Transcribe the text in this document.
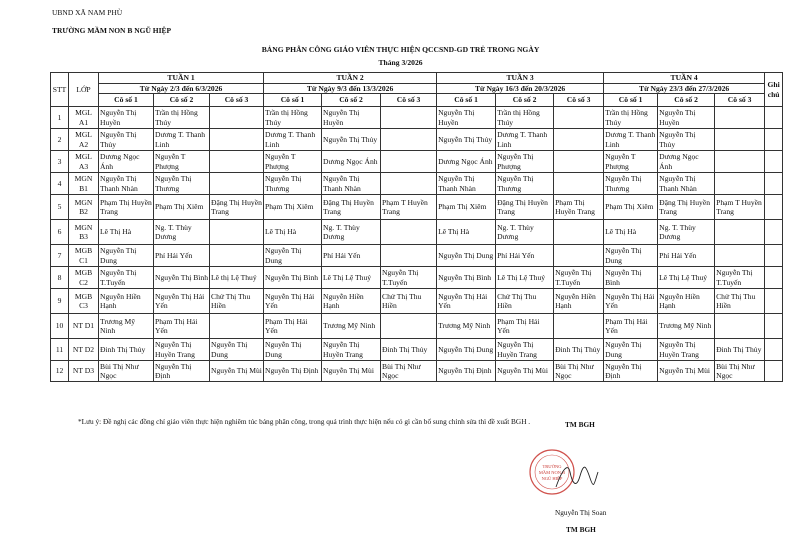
UBND XÃ NAM PHÙ
TRƯỜNG MẦM NON B NGŨ HIỆP
BẢNG PHÂN CÔNG GIÁO VIÊN THỰC HIỆN QCCSND-GD TRẺ TRONG NGÀY
Tháng 3/2026
STT	LỚP	TUẦN 1			TUẦN 2			TUẦN 3			TUẦN 4			Ghi chú
		Từ Ngày 2/3 đến 6/3/2026			Từ Ngày 9/3 đến 13/3/2026			Từ Ngày 16/3 đến 20/3/2026			Từ Ngày 23/3 đến 27/3/2026			
		Cô số 1	Cô số 2	Cô số 3	Cô số 1	Cô số 2	Cô số 3	Cô số 1	Cô số 2	Cô số 3	Cô số 1	Cô số 2	Cô số 3	
1	MGL A1	Nguyễn Thị Huyền	Trần thị Hồng Thúy		Trần thị Hồng Thúy	Nguyễn Thị Huyền		Nguyễn Thị Huyền	Trần thị Hồng Thúy		Trần thị Hồng Thúy	Nguyễn Thị Huyền		
2	MGL A2	Nguyễn Thị Thủy	Dương T. Thanh Linh		Dương T. Thanh Linh	Nguyễn Thị Thủy		Nguyễn Thị Thủy	Dương T. Thanh Linh		Dương T. Thanh Linh	Nguyễn Thị Thủy		
3	MGL A3	Dương Ngọc Ánh	Nguyễn T Phượng		Nguyễn T Phượng	Dương Ngọc Ánh		Dương Ngọc Ánh	Nguyễn Thị Phượng		Nguyễn T Phượng	Dương Ngọc Ánh		
4	MGN B1	Nguyễn Thị Thanh Nhàn	Nguyễn Thị Thương		Nguyễn Thị Thương	Nguyễn Thị Thanh Nhàn		Nguyễn Thị Thanh Nhàn	Nguyễn Thị Thương		Nguyễn Thị Thương	Nguyễn Thị Thanh Nhàn		
5	MGN B2	Phạm Thị Huyền Trang	Phạm Thị Xiêm	Đặng Thị Huyền Trang	Phạm Thị Xiêm	Đặng Thị Huyền Trang	Phạm T Huyền Trang	Phạm Thị Xiêm	Đặng Thị Huyền Trang	Phạm Thị Huyền Trang	Phạm Thị Xiêm	Đặng Thị Huyền Trang	Phạm T Huyền Trang	
6	MGN B3	Lê Thị Hà	Ng. T. Thùy Dương		Lê Thị Hà	Ng. T. Thùy Dương		Lê Thị Hà	Ng. T. Thùy Dương		Lê Thị Hà	Ng. T. Thùy Dương		
7	MGB C1	Nguyễn Thị Dung	Phí Hải Yến		Nguyễn Thị Dung	Phí Hải Yến		Nguyễn Thị Dung	Phí Hải Yến		Nguyễn Thị Dung	Phí Hải Yến		
8	MGB C2	Nguyễn Thị T.Tuyến	Nguyễn Thị Bình	Lê thị Lệ Thuý	Nguyễn Thị Bình	Lê Thị Lệ Thuý	Nguyễn Thị T.Tuyến	Nguyễn Thị Bình	Lê Thị Lệ Thuý	Nguyễn Thị T.Tuyến	Nguyễn Thị Bình	Lê Thị Lệ Thuý	Nguyễn Thị T.Tuyến	
9	MGB C3	Nguyễn Hiền Hạnh	Nguyễn Thị Hải Yến	Chử Thị Thu Hiền	Nguyễn Thị Hải Yến	Nguyễn Hiền Hạnh	Chử Thị Thu Hiền	Nguyễn Thị Hải Yến	Chử Thị Thu Hiền	Nguyễn Hiền Hạnh	Nguyễn Thị Hải Yến	Nguyễn Hiền Hạnh	Chử Thị Thu Hiền	
10	NT D1	Trương Mỹ Ninh	Phạm Thị Hải Yến		Phạm Thị Hải Yến	Trương Mỹ Ninh		Trương Mỹ Ninh	Phạm Thị Hải Yến		Phạm Thị Hải Yến	Trương Mỹ Ninh		
11	NT D2	Đinh Thị Thủy	Nguyễn Thị Huyền Trang	Nguyễn Thị Dung	Nguyễn Thị Dung	Nguyễn Thị Huyền Trang	Đinh Thị Thủy	Nguyễn Thị Dung	Nguyễn Thị Huyền Trang	Đinh Thị Thủy	Nguyễn Thị Dung	Nguyễn Thị Huyền Trang	Đinh Thị Thủy	
12	NT D3	Bùi Thị Như Ngọc	Nguyễn Thị Định	Nguyễn Thị Mùi	Nguyễn Thị Định	Nguyễn Thị Mùi	Bùi Thị Như Ngọc	Nguyễn Thị Định	Nguyễn Thị Mùi	Bùi Thị Như Ngọc	Nguyễn Thị Định	Nguyễn Thị Mùi	Bùi Thị Như Ngọc	
*Lưu ý: Đề nghị các đồng chí giáo viên thực hiện nghiêm túc bảng phân công, trong quá trình thực hiện nếu có gì cần bổ sung chỉnh sửa thì đề xuất BGH .	TM BGH
TRƯỜNG
MẦM NON B
NGŨ HIỆP
Nguyễn Thị Soan
TM BGH
